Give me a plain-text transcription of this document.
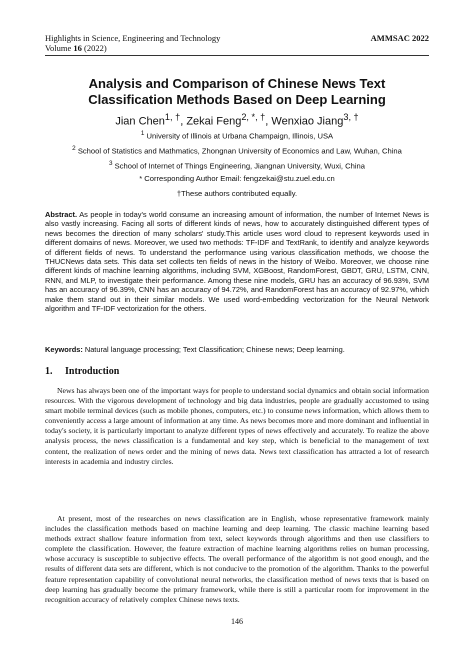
Highlights in Science, Engineering and Technology
Volume 16 (2022)
AMMSAC 2022
Analysis and Comparison of Chinese News Text Classification Methods Based on Deep Learning
Jian Chen$^{1, \dagger}$, Zekai Feng$^{2, *, \dagger}$, Wenxiao Jiang$^{3, \dagger}$
$^1$ University of Illinois at Urbana Champaign, Illinois, USA
$^2$ School of Statistics and Mathmatics, Zhongnan University of Economics and Law, Wuhan, China
$^3$ School of Internet of Things Engineering, Jiangnan University, Wuxi, China
* Corresponding Author Email: fengzekai@stu.zuel.edu.cn
†These authors contributed equally.
Abstract. As people in today's world consume an increasing amount of information, the number of Internet News is also vastly increasing. Facing all sorts of different kinds of news, how to accurately distinguished different types of news becomes the direction of many scholars' study.This article uses word cloud to represent keywords used in different domains of news. Moreover, we used two methods: TF-IDF and TextRank, to identify and analyze keywords of different fields of news. To understand the performance using various classification methods, we choose the THUCNews data sets. This data set collects ten fields of news in the history of Weibo. Moreover, we choose nine different kinds of machine learning algorithms, including SVM, XGBoost, RandomForest, GBDT, GRU, LSTM, CNN, RNN, and MLP, to investigate their performance. Among these nine models, GRU has an accuracy of 96.93%, SVM has an accuracy of 96.39%, CNN has an accuracy of 94.72%, and RandomForest has an accuracy of 92.97%, which make them stand out in their similar models. We used word-embedding vectorization for the Neural Network algorithm and TF-IDF vectorization for the others.
Keywords: Natural language processing; Text Classification; Chinese news; Deep learning.
1. Introduction
News has always been one of the important ways for people to understand social dynamics and obtain social information resources. With the vigorous development of technology and big data industries, people are gradually accustomed to using smart mobile terminal devices (such as mobile phones, computers, etc.) to consume news information, which allows them to conveniently access a large amount of information at any time. As news becomes more and more dominant and influential in today's society, it is particularly important to analyze different types of news effectively and accurately. To realize the above analysis process, the news classification is a fundamental and key step, which is beneficial to the management of text content, the realization of news order and the mining of news data. News text classification has attracted a lot of research interests in academia and industry circles.
At present, most of the researches on news classification are in English, whose representative framework mainly includes the classification methods based on machine learning and deep learning. The classic machine learning based methods extract shallow feature information from text, select keywords through algorithms and then use classifiers to complete the classification. However, the feature extraction of machine learning algorithms relies on human processing, whose accuracy is susceptible to subjective effects. The overall performance of the algorithm is not good enough, and the results of different data sets are different, which is not conducive to the promotion of the algorithm. Thanks to the powerful feature representation capability of convolutional neural networks, the classification method of news texts that is based on deep learning has gradually become the primary framework, while there is still a particular room for improvement in the recognition accuracy of relatively complex Chinese news texts.
146
